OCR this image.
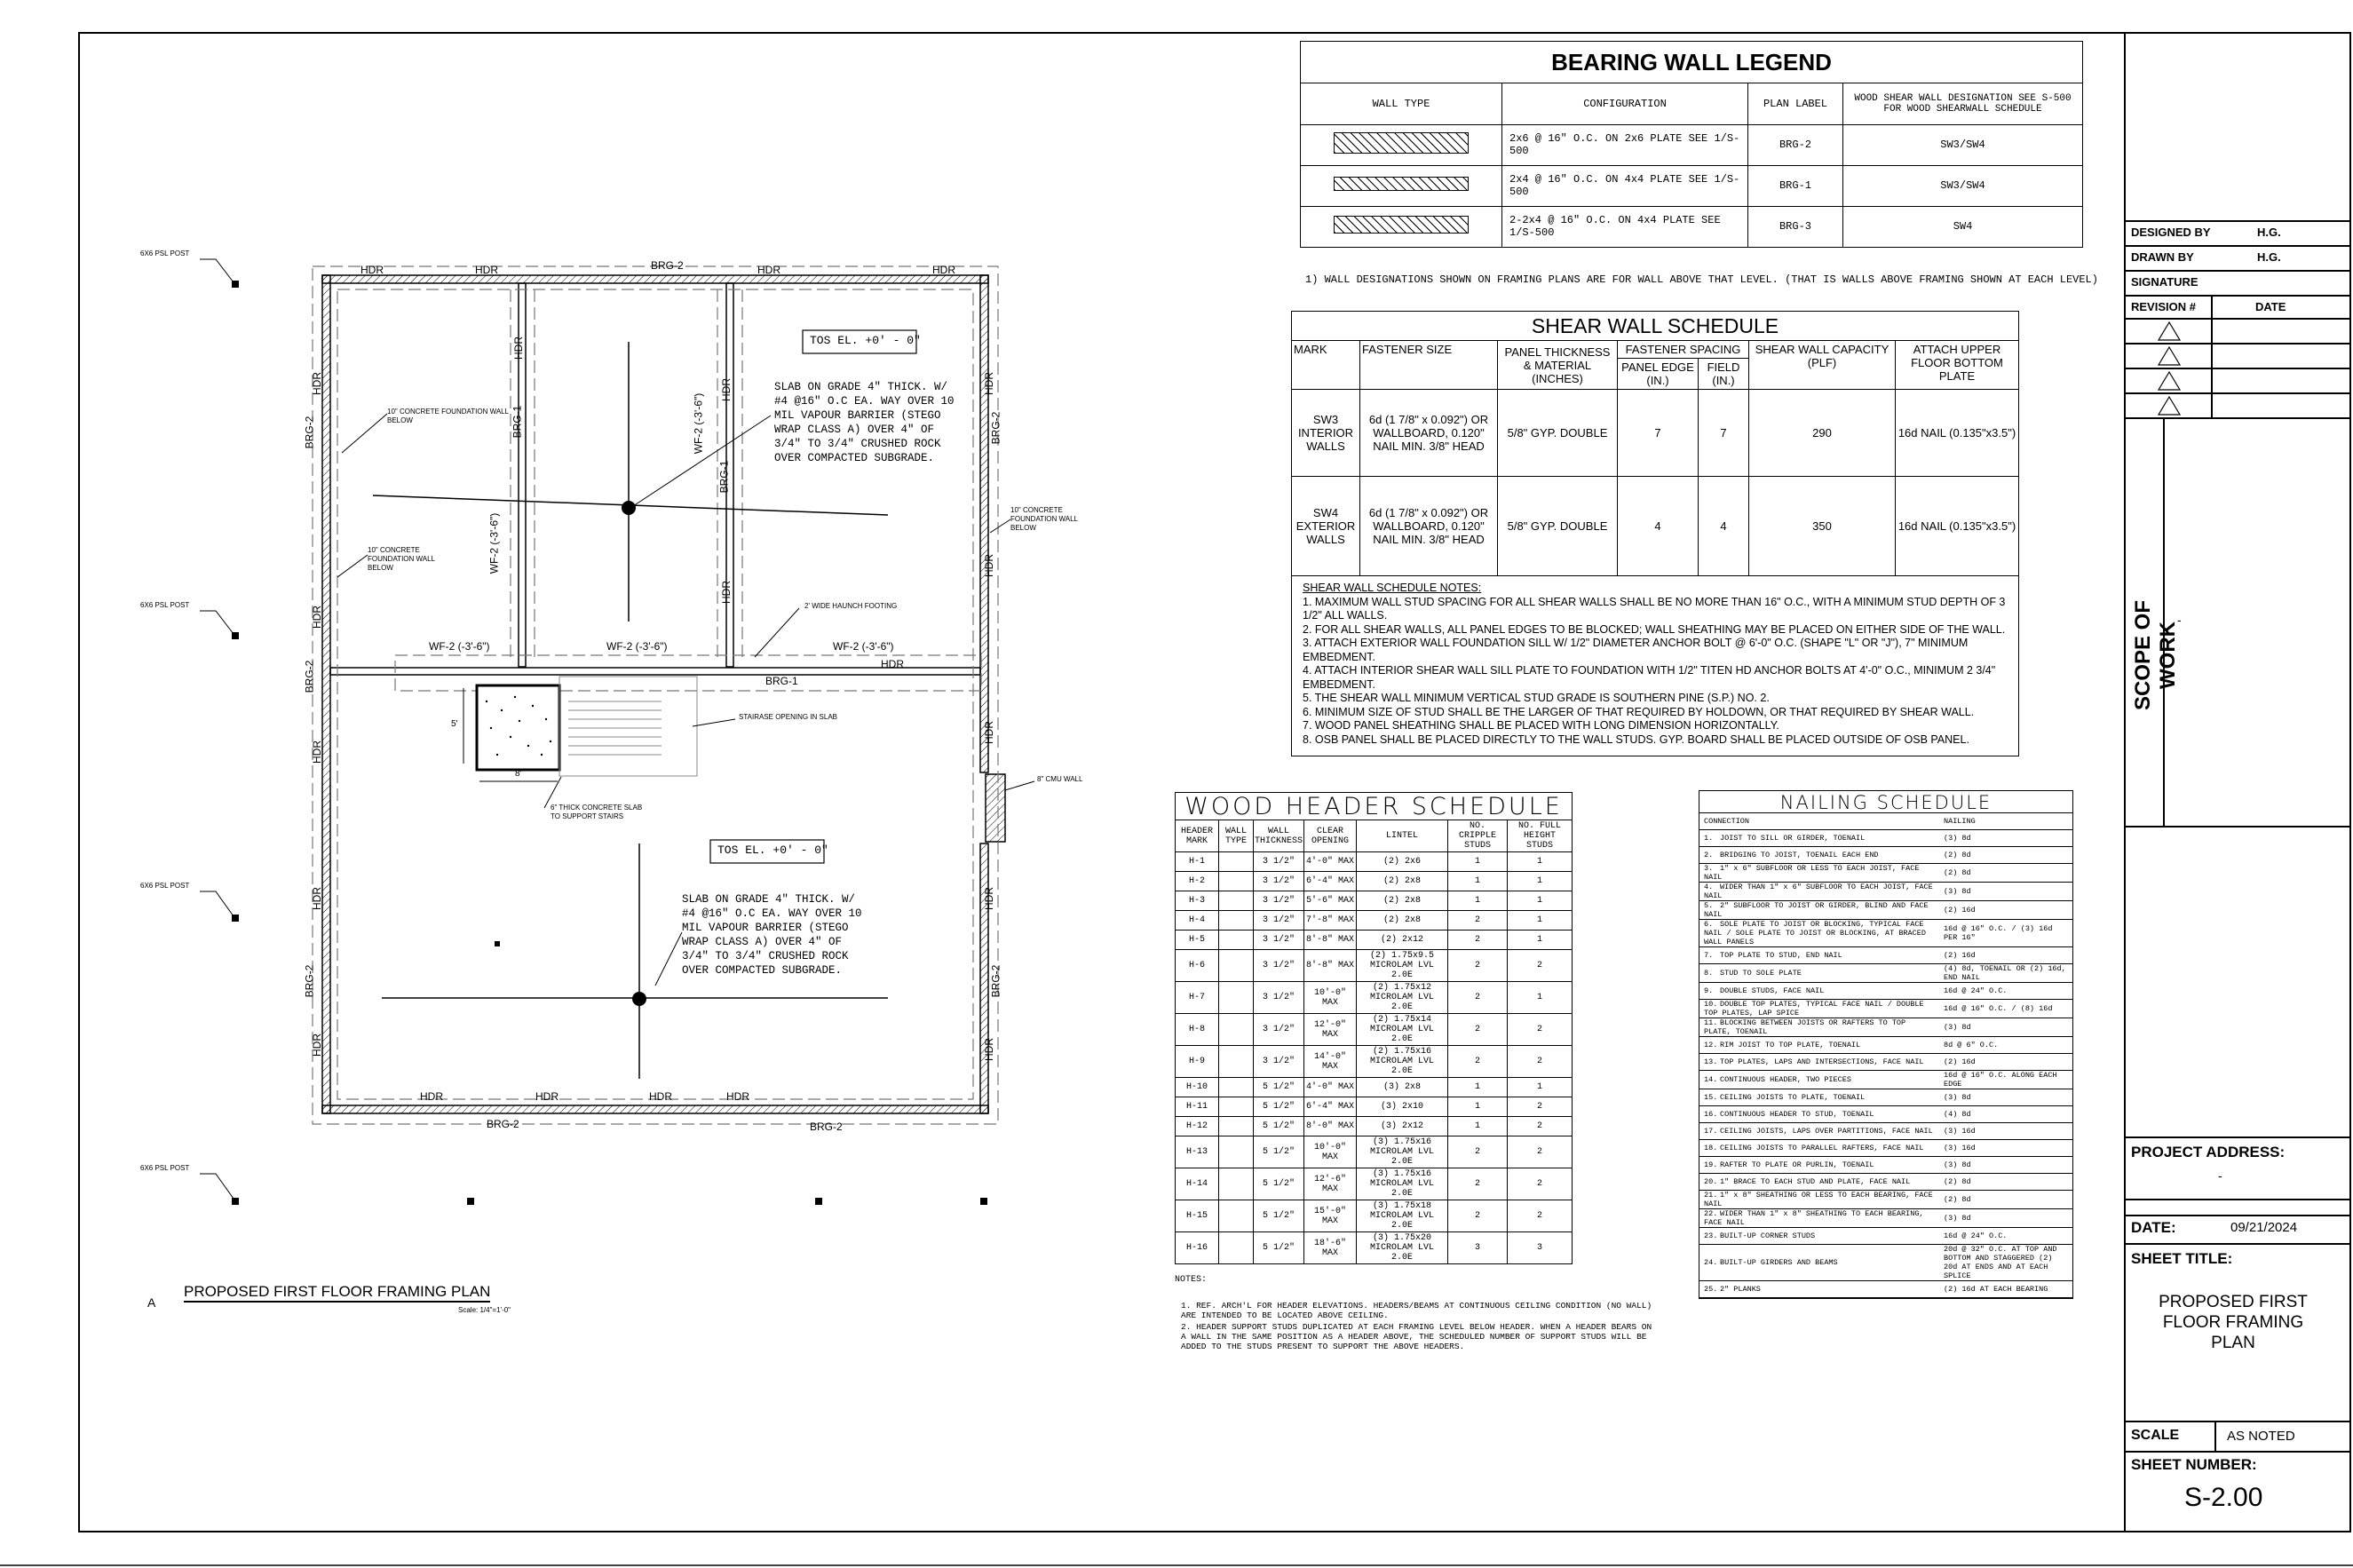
HDR	HDR	HDR	HDR
BRG-2
HDR	HDR	HDR	HDR
BRG-2	BRG-2
HDR
BRG-1
WF-2 (-3'-6")	WF-2 (-3'-6")	WF-2 (-3'-6")
HDR
BRG-2
HDR
BRG-2
HDR
HDR
BRG-2
HDR
HDR
BRG-2
HDR
HDR
HDR
BRG-2
HDR
HDR
BRG-1
WF-2 (-3'-6")
HDR
BRG-1
HDR
WF-2 (-3'-6")
6X6 PSL POST
6X6 PSL POST
6X6 PSL POST
6X6 PSL POST
10" CONCRETE FOUNDATION WALL BELOW
10" CONCRETE FOUNDATION WALL BELOW
10" CONCRETE FOUNDATION WALL BELOW
2' WIDE HAUNCH FOOTING
STAIRASE OPENING IN SLAB
6" THICK CONCRETE SLAB TO SUPPORT STAIRS
8" CMU WALL
5'
8'
TOS EL. +0' - 0"
TOS EL. +0' - 0"
SLAB ON GRADE 4" THICK. W/ #4 @16" O.C EA. WAY OVER 10 MIL VAPOUR BARRIER (STEGO WRAP CLASS A) OVER 4" OF 3/4" TO 3/4" CRUSHED ROCK OVER COMPACTED SUBGRADE.
SLAB ON GRADE 4" THICK. W/ #4 @16" O.C EA. WAY OVER 10 MIL VAPOUR BARRIER (STEGO WRAP CLASS A) OVER 4" OF 3/4" TO 3/4" CRUSHED ROCK OVER COMPACTED SUBGRADE.
A
PROPOSED FIRST FLOOR FRAMING PLAN
Scale: 1/4"=1'-0"
BEARING WALL LEGEND
WALL TYPE	CONFIGURATION	PLAN LABEL	WOOD SHEAR WALL DESIGNATION SEE S-500 FOR WOOD SHEARWALL SCHEDULE
	2x6 @ 16" O.C. ON 2x6 PLATE SEE 1/S-500	BRG-2	SW3/SW4
	2x4 @ 16" O.C. ON 4x4 PLATE SEE 1/S-500	BRG-1	SW3/SW4
	2-2x4 @ 16" O.C. ON 4x4 PLATE SEE 1/S-500	BRG-3	SW4
1) WALL DESIGNATIONS SHOWN ON FRAMING PLANS ARE FOR WALL ABOVE THAT LEVEL. (THAT IS WALLS ABOVE FRAMING SHOWN AT EACH LEVEL)
SHEAR WALL SCHEDULE
MARK	FASTENER SIZE	PANEL THICKNESS & MATERIAL (INCHES)	FASTENER SPACING		SHEAR WALL CAPACITY (PLF)	ATTACH UPPER FLOOR BOTTOM PLATE
			PANEL EDGE (IN.)	FIELD (IN.)		
SW3 INTERIOR WALLS	6d (1 7/8" x 0.092") OR WALLBOARD, 0.120" NAIL MIN. 3/8" HEAD	5/8" GYP. DOUBLE	7	7	290	16d NAIL (0.135"x3.5")
SW4 EXTERIOR WALLS	6d (1 7/8" x 0.092") OR WALLBOARD, 0.120" NAIL MIN. 3/8" HEAD	5/8" GYP. DOUBLE	4	4	350	16d NAIL (0.135"x3.5")
SHEAR WALL SCHEDULE NOTES:
1. MAXIMUM WALL STUD SPACING FOR ALL SHEAR WALLS SHALL BE NO MORE THAN 16" O.C., WITH A MINIMUM STUD DEPTH OF 3 1/2" ALL WALLS.
2. FOR ALL SHEAR WALLS, ALL PANEL EDGES TO BE BLOCKED; WALL SHEATHING MAY BE PLACED ON EITHER SIDE OF THE WALL.
3. ATTACH EXTERIOR WALL FOUNDATION SILL W/ 1/2" DIAMETER ANCHOR BOLT @ 6'-0" O.C. (SHAPE "L" OR "J"), 7" MINIMUM EMBEDMENT.
4. ATTACH INTERIOR SHEAR WALL SILL PLATE TO FOUNDATION WITH 1/2" TITEN HD ANCHOR BOLTS AT 4'-0" O.C., MINIMUM 2 3/4" EMBEDMENT.
5. THE SHEAR WALL MINIMUM VERTICAL STUD GRADE IS SOUTHERN PINE (S.P.) NO. 2.
6. MINIMUM SIZE OF STUD SHALL BE THE LARGER OF THAT REQUIRED BY HOLDOWN, OR THAT REQUIRED BY SHEAR WALL.
7. WOOD PANEL SHEATHING SHALL BE PLACED WITH LONG DIMENSION HORIZONTALLY.
8. OSB PANEL SHALL BE PLACED DIRECTLY TO THE WALL STUDS. GYP. BOARD SHALL BE PLACED OUTSIDE OF OSB PANEL.
WOOD HEADER SCHEDULE
HEADER MARK	WALL TYPE	WALL THICKNESS	CLEAR OPENING	LINTEL	NO. CRIPPLE STUDS	NO. FULL HEIGHT STUDS
H-1		3 1/2"	4'-0" MAX	(2) 2x6	1	1
H-2		3 1/2"	6'-4" MAX	(2) 2x8	1	1
H-3		3 1/2"	5'-6" MAX	(2) 2x8	1	1
H-4		3 1/2"	7'-8" MAX	(2) 2x8	2	1
H-5		3 1/2"	8'-8" MAX	(2) 2x12	2	1
H-6		3 1/2"	8'-8" MAX	(2) 1.75x9.5 MICROLAM LVL 2.0E	2	2
H-7		3 1/2"	10'-0" MAX	(2) 1.75x12 MICROLAM LVL 2.0E	2	1
H-8		3 1/2"	12'-0" MAX	(2) 1.75x14 MICROLAM LVL 2.0E	2	2
H-9		3 1/2"	14'-0" MAX	(2) 1.75x16 MICROLAM LVL 2.0E	2	2
H-10		5 1/2"	4'-0" MAX	(3) 2x8	1	1
H-11		5 1/2"	6'-4" MAX	(3) 2x10	1	2
H-12		5 1/2"	8'-0" MAX	(3) 2x12	1	2
H-13		5 1/2"	10'-0" MAX	(3) 1.75x16 MICROLAM LVL 2.0E	2	2
H-14		5 1/2"	12'-6" MAX	(3) 1.75x16 MICROLAM LVL 2.0E	2	2
H-15		5 1/2"	15'-0" MAX	(3) 1.75x18 MICROLAM LVL 2.0E	2	2
H-16		5 1/2"	18'-6" MAX	(3) 1.75x20 MICROLAM LVL 2.0E	3	3
NOTES:
1. REF. ARCH'L FOR HEADER ELEVATIONS. HEADERS/BEAMS AT CONTINUOUS CEILING CONDITION (NO WALL) ARE INTENDED TO BE LOCATED ABOVE CEILING.
2. HEADER SUPPORT STUDS DUPLICATED AT EACH FRAMING LEVEL BELOW HEADER. WHEN A HEADER BEARS ON A WALL IN THE SAME POSITION AS A HEADER ABOVE, THE SCHEDULED NUMBER OF SUPPORT STUDS WILL BE ADDED TO THE STUDS PRESENT TO SUPPORT THE ABOVE HEADERS.
NAILING SCHEDULE
CONNECTION	NAILING
1. JOIST TO SILL OR GIRDER, TOENAIL	(3) 8d
2. BRIDGING TO JOIST, TOENAIL EACH END	(2) 8d
3. 1" x 6" SUBFLOOR OR LESS TO EACH JOIST, FACE NAIL	(2) 8d
4. WIDER THAN 1" x 6" SUBFLOOR TO EACH JOIST, FACE NAIL	(3) 8d
5. 2" SUBFLOOR TO JOIST OR GIRDER, BLIND AND FACE NAIL	(2) 16d
6. SOLE PLATE TO JOIST OR BLOCKING, TYPICAL FACE NAIL / SOLE PLATE TO JOIST OR BLOCKING, AT BRACED WALL PANELS	16d @ 16" O.C. / (3) 16d PER 16"
7. TOP PLATE TO STUD, END NAIL	(2) 16d
8. STUD TO SOLE PLATE	(4) 8d, TOENAIL OR (2) 16d, END NAIL
9. DOUBLE STUDS, FACE NAIL	16d @ 24" O.C.
10. DOUBLE TOP PLATES, TYPICAL FACE NAIL / DOUBLE TOP PLATES, LAP SPICE	16d @ 16" O.C. / (8) 16d
11. BLOCKING BETWEEN JOISTS OR RAFTERS TO TOP PLATE, TOENAIL	(3) 8d
12. RIM JOIST TO TOP PLATE, TOENAIL	8d @ 6" O.C.
13. TOP PLATES, LAPS AND INTERSECTIONS, FACE NAIL	(2) 16d
14. CONTINUOUS HEADER, TWO PIECES	16d @ 16" O.C. ALONG EACH EDGE
15. CEILING JOISTS TO PLATE, TOENAIL	(3) 8d
16. CONTINUOUS HEADER TO STUD, TOENAIL	(4) 8d
17. CEILING JOISTS, LAPS OVER PARTITIONS, FACE NAIL	(3) 16d
18. CEILING JOISTS TO PARALLEL RAFTERS, FACE NAIL	(3) 16d
19. RAFTER TO PLATE OR PURLIN, TOENAIL	(3) 8d
20. 1" BRACE TO EACH STUD AND PLATE, FACE NAIL	(2) 8d
21. 1" x 8" SHEATHING OR LESS TO EACH BEARING, FACE NAIL	(2) 8d
22. WIDER THAN 1" x 8" SHEATHING TO EACH BEARING, FACE NAIL	(3) 8d
23. BUILT-UP CORNER STUDS	16d @ 24" O.C.
24. BUILT-UP GIRDERS AND BEAMS	20d @ 32" O.C. AT TOP AND BOTTOM AND STAGGERED (2) 20d AT ENDS AND AT EACH SPLICE
25. 2" PLANKS	(2) 16d AT EACH BEARING
DESIGNED BY	H.G.
DRAWN BY	H.G.
SIGNATURE
REVISION #	DATE
SCOPE OF WORK
-
PROJECT ADDRESS:
-
DATE:	09/21/2024
SHEET TITLE:
PROPOSED FIRST FLOOR FRAMING PLAN
SCALE	AS NOTED
SHEET NUMBER:
S-2.00
